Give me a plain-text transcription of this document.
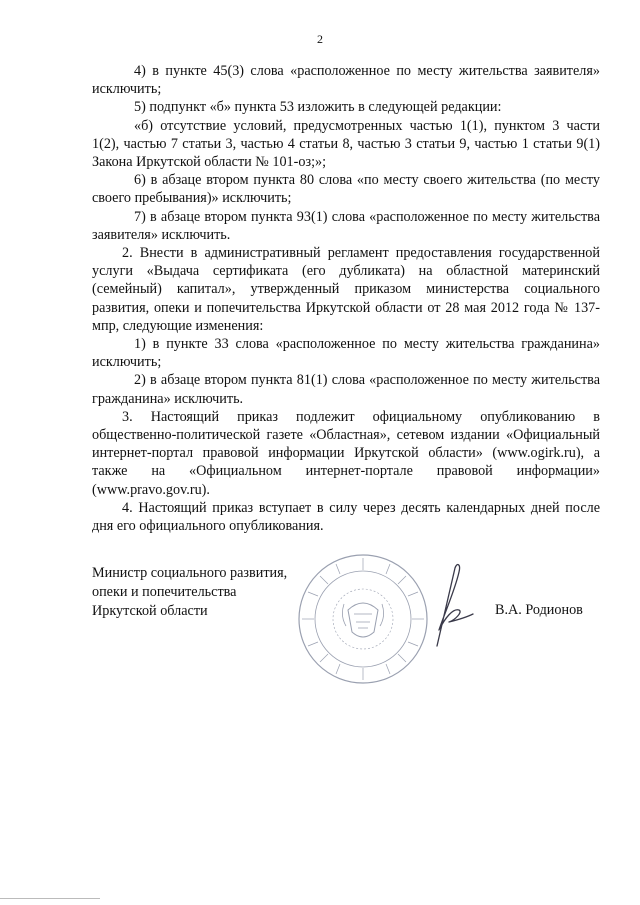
2

4) в пункте 45(3) слова «расположенное по месту жительства заявителя» исключить;

5) подпункт «б» пункта 53 изложить в следующей редакции:

«б) отсутствие условий, предусмотренных частью 1(1), пунктом 3 части 1(2), частью 7 статьи 3, частью 4 статьи 8, частью 3 статьи 9, частью 1 статьи 9(1) Закона Иркутской области № 101-оз;»;

6) в абзаце втором пункта 80 слова «по месту своего жительства (по месту своего пребывания)» исключить;

7) в абзаце втором пункта 93(1) слова «расположенное по месту жительства заявителя» исключить.

2. Внести в административный регламент предоставления государственной услуги «Выдача сертификата (его дубликата) на областной материнский (семейный) капитал», утвержденный приказом министерства социального развития, опеки и попечительства Иркутской области от 28 мая 2012 года № 137-мпр, следующие изменения:

1) в пункте 33 слова «расположенное по месту жительства гражданина» исключить;

2) в абзаце втором пункта 81(1) слова «расположенное по месту жительства гражданина» исключить.

3. Настоящий приказ подлежит официальному опубликованию в общественно-политической газете «Областная», сетевом издании «Официальный интернет-портал правовой информации Иркутской области» (www.ogirk.ru), а также на «Официальном интернет-портале правовой информации» (www.pravo.gov.ru).

4. Настоящий приказ вступает в силу через десять календарных дней после дня его официального опубликования.

Министр социального развития,
опеки и попечительства
Иркутской области	В.А. Родионов
